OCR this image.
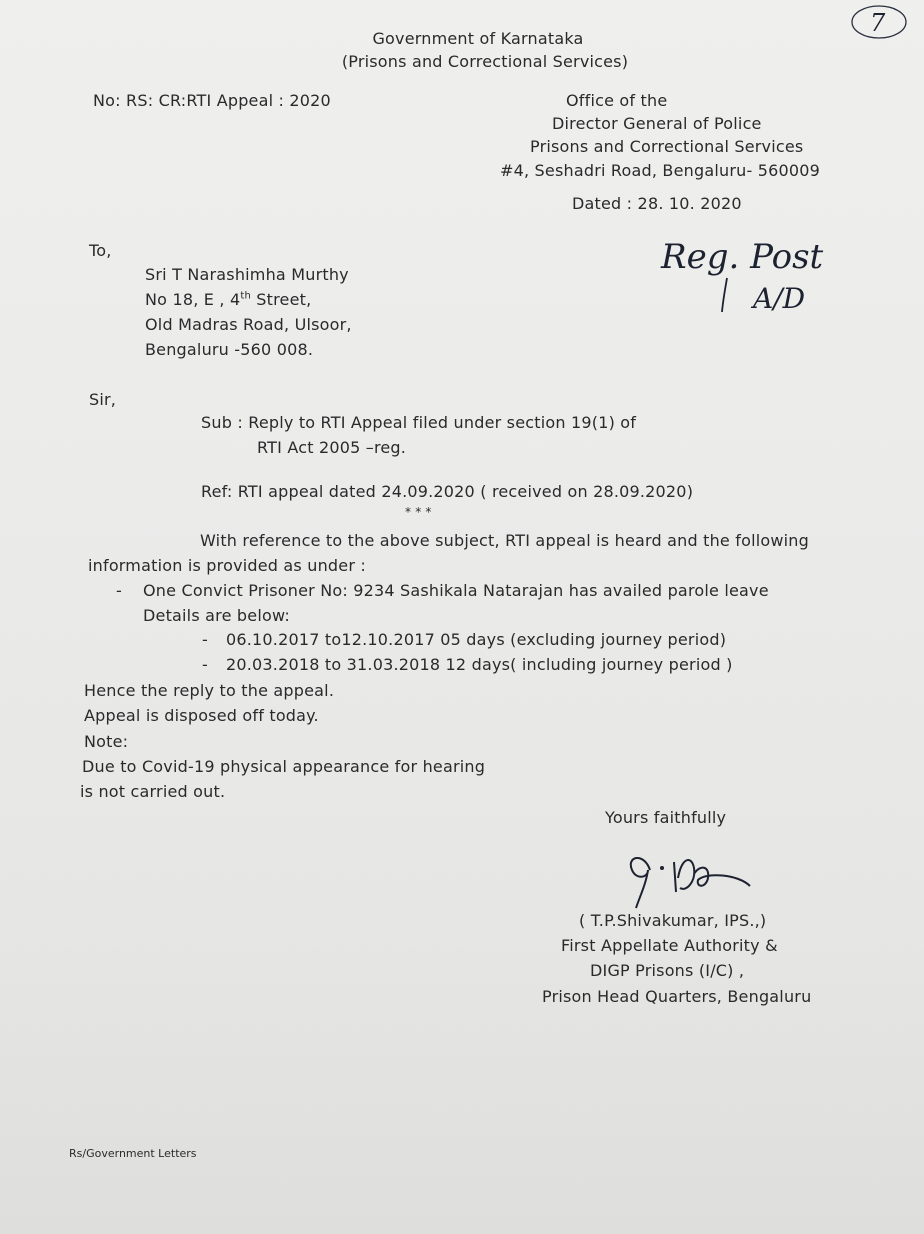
Government of Karnataka
(Prisons and Correctional Services)
7
No: RS: CR:RTI Appeal : 2020	Office of the
Director General of Police
Prisons and Correctional Services
#4, Seshadri Road, Bengaluru- 560009
Dated : 28. 10. 2020
Reg. Post
A/D
To,
Sri T Narashimha Murthy
No 18, E , 4th Street,
Old Madras Road, Ulsoor,
Bengaluru -560 008.
Sir,
Sub : Reply to RTI Appeal filed under section 19(1) of
RTI Act 2005 –reg.
Ref: RTI appeal dated 24.09.2020 ( received on 28.09.2020)
* * *
With reference to the above subject, RTI appeal is heard and the following
information is provided as under :
- One Convict Prisoner No: 9234 Sashikala Natarajan has availed parole leave
Details are below:
- 06.10.2017 to12.10.2017 05 days (excluding journey period)
- 20.03.2018 to 31.03.2018 12 days( including journey period )
Hence the reply to the appeal.
Appeal is disposed off today.
Note:
Due to Covid-19 physical appearance for hearing
is not carried out.
Yours faithfully
( T.P.Shivakumar, IPS.,)
First Appellate Authority &
DIGP Prisons (I/C) ,
Prison Head Quarters, Bengaluru
Rs/Government Letters
